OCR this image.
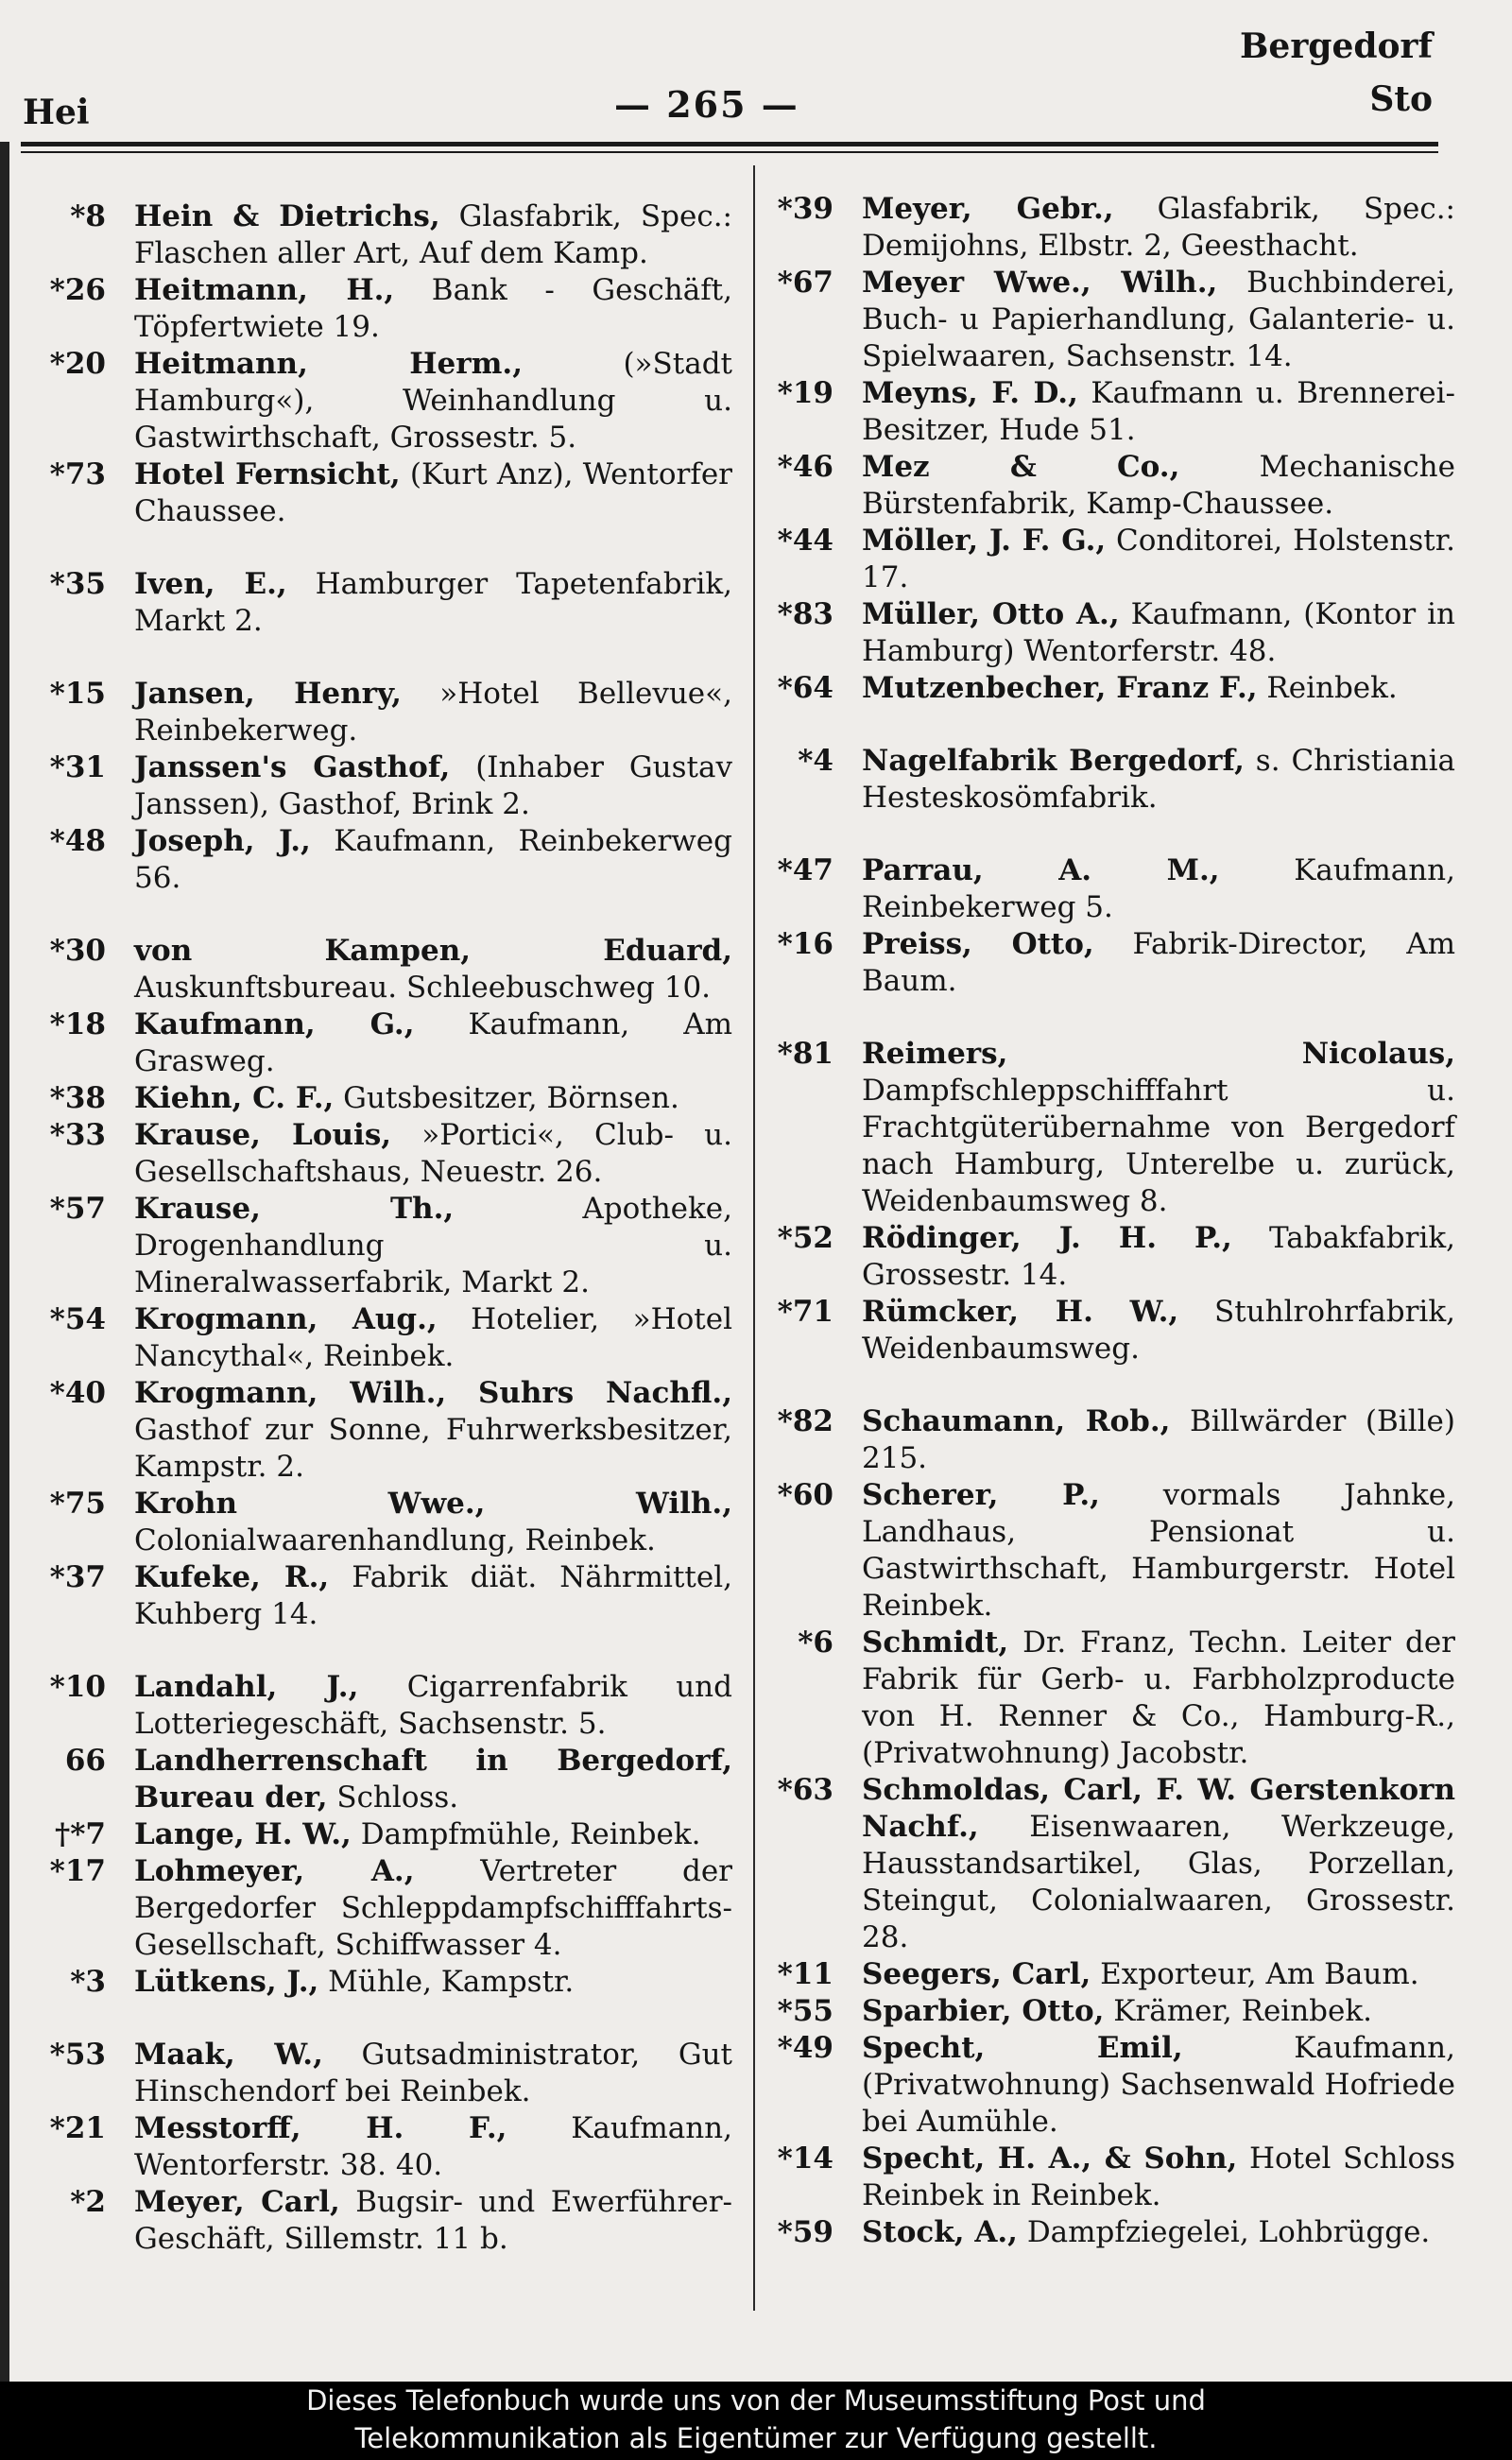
Hei	— 265 —
Bergedorf
Sto
*8 Hein & Dietrichs, Glasfabrik, Spec.: Flaschen aller Art, Auf dem Kamp.
*26 Heitmann, H., Bank - Geschäft, Töpfertwiete 19.
*20 Heitmann, Herm., (»Stadt Hamburg«), Weinhandlung u. Gastwirthschaft, Grossestr. 5.
*73 Hotel Fernsicht, (Kurt Anz), Wentorfer Chaussee.
*35 Iven, E., Hamburger Tapetenfabrik, Markt 2.
*15 Jansen, Henry, »Hotel Bellevue«, Reinbekerweg.
*31 Janssen's Gasthof, (Inhaber Gustav Janssen), Gasthof, Brink 2.
*48 Joseph, J., Kaufmann, Reinbekerweg 56.
*30 von Kampen, Eduard, Auskunftsbureau. Schleebuschweg 10.
*18 Kaufmann, G., Kaufmann, Am Grasweg.
*38 Kiehn, C. F., Gutsbesitzer, Börnsen.
*33 Krause, Louis, »Portici«, Club- u. Gesellschaftshaus, Neuestr. 26.
*57 Krause, Th., Apotheke, Drogenhandlung u. Mineralwasserfabrik, Markt 2.
*54 Krogmann, Aug., Hotelier, »Hotel Nancythal«, Reinbek.
*40 Krogmann, Wilh., Suhrs Nachfl., Gasthof zur Sonne, Fuhrwerksbesitzer, Kampstr. 2.
*75 Krohn Wwe., Wilh., Colonialwaarenhandlung, Reinbek.
*37 Kufeke, R., Fabrik diät. Nährmittel, Kuhberg 14.
*10 Landahl, J., Cigarrenfabrik und Lotteriegeschäft, Sachsenstr. 5.
66 Landherrenschaft in Bergedorf, Bureau der, Schloss.
†*7 Lange, H. W., Dampfmühle, Reinbek.
*17 Lohmeyer, A., Vertreter der Bergedorfer Schleppdampfschifffahrts-Gesellschaft, Schiffwasser 4.
*3 Lütkens, J., Mühle, Kampstr.
*53 Maak, W., Gutsadministrator, Gut Hinschendorf bei Reinbek.
*21 Messtorff, H. F., Kaufmann, Wentorferstr. 38. 40.
*2 Meyer, Carl, Bugsir- und Ewerführer-Geschäft, Sillemstr. 11 b.
*39 Meyer, Gebr., Glasfabrik, Spec.: Demijohns, Elbstr. 2, Geesthacht.
*67 Meyer Wwe., Wilh., Buchbinderei, Buch- u Papierhandlung, Galanterie- u. Spielwaaren, Sachsenstr. 14.
*19 Meyns, F. D., Kaufmann u. Brennerei-Besitzer, Hude 51.
*46 Mez & Co., Mechanische Bürstenfabrik, Kamp-Chaussee.
*44 Möller, J. F. G., Conditorei, Holstenstr. 17.
*83 Müller, Otto A., Kaufmann, (Kontor in Hamburg) Wentorferstr. 48.
*64 Mutzenbecher, Franz F., Reinbek.
*4 Nagelfabrik Bergedorf, s. Christiania Hesteskosömfabrik.
*47 Parrau, A. M., Kaufmann, Reinbekerweg 5.
*16 Preiss, Otto, Fabrik-Director, Am Baum.
*81 Reimers, Nicolaus, Dampfschleppschifffahrt u. Frachtgüterübernahme von Bergedorf nach Hamburg, Unterelbe u. zurück, Weidenbaumsweg 8.
*52 Rödinger, J. H. P., Tabakfabrik, Grossestr. 14.
*71 Rümcker, H. W., Stuhlrohrfabrik, Weidenbaumsweg.
*82 Schaumann, Rob., Billwärder (Bille) 215.
*60 Scherer, P., vormals Jahnke, Landhaus, Pensionat u. Gastwirthschaft, Hamburgerstr. Hotel Reinbek.
*6 Schmidt, Dr. Franz, Techn. Leiter der Fabrik für Gerb- u. Farbholzproducte von H. Renner & Co., Hamburg-R., (Privatwohnung) Jacobstr.
*63 Schmoldas, Carl, F. W. Gerstenkorn Nachf., Eisenwaaren, Werkzeuge, Hausstandsartikel, Glas, Porzellan, Steingut, Colonialwaaren, Grossestr. 28.
*11 Seegers, Carl, Exporteur, Am Baum.
*55 Sparbier, Otto, Krämer, Reinbek.
*49 Specht, Emil, Kaufmann, (Privatwohnung) Sachsenwald Hofriede bei Aumühle.
*14 Specht, H. A., & Sohn, Hotel Schloss Reinbek in Reinbek.
*59 Stock, A., Dampfziegelei, Lohbrügge.
Dieses Telefonbuch wurde uns von der Museumsstiftung Post und
Telekommunikation als Eigentümer zur Verfügung gestellt.
